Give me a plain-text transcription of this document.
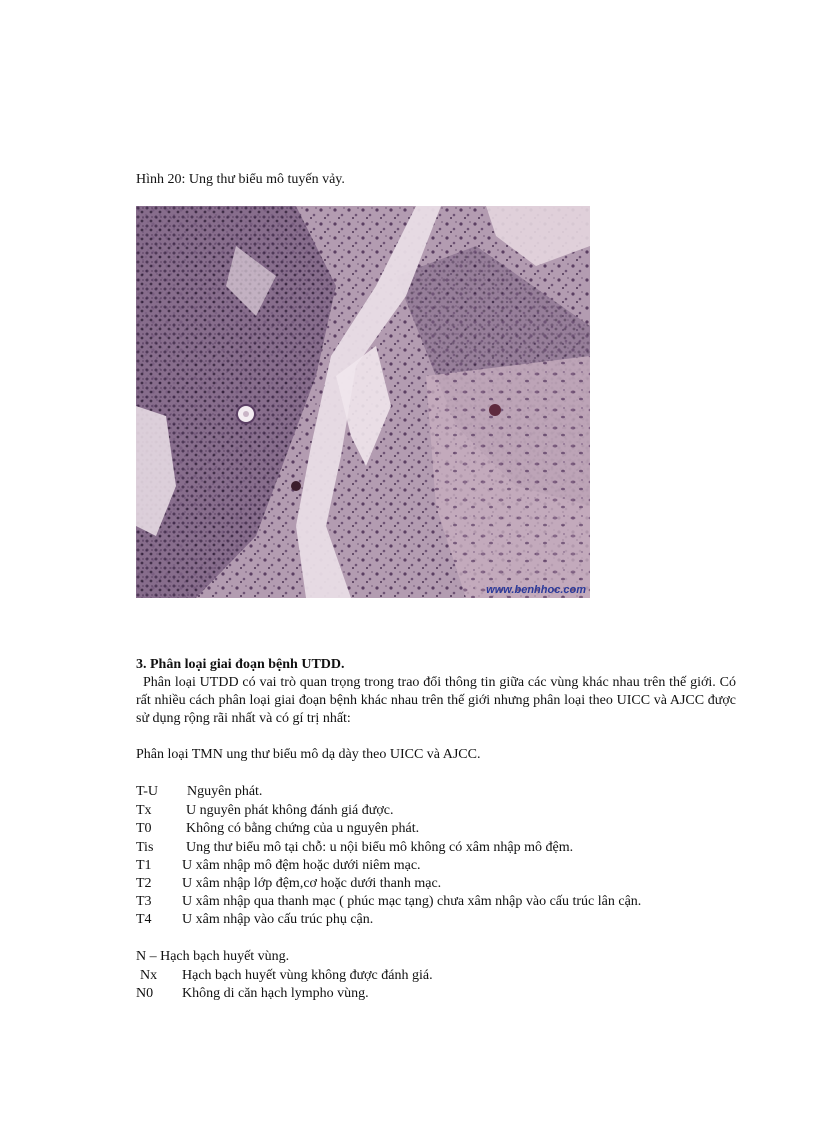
Hình 20: Ung thư biểu mô tuyến vảy.
www.benhhoc.com
3. Phân loại giai đoạn bệnh UTDD.
Phân loại UTDD có vai trò quan trọng trong trao đổi thông tin giữa các vùng khác nhau trên thế giới. Có rất nhiều cách phân loại giai đoạn bệnh khác nhau trên thế giới nhưng phân loại theo UICC và AJCC được sử dụng rộng rãi nhất và có gí trị nhất:
Phân loại TMN ung thư biểu mô dạ dày theo UICC và AJCC.
T-U Nguyên phát.
Tx U nguyên phát không đánh giá được.
T0 Không có bằng chứng của u nguyên phát.
Tis Ung thư biểu mô tại chỗ: u nội biểu mô không có xâm nhập mô đệm.
T1 U xâm nhập mô đệm hoặc dưới niêm mạc.
T2 U xâm nhập lớp đệm,cơ hoặc dưới thanh mạc.
T3 U xâm nhập qua thanh mạc ( phúc mạc tạng) chưa xâm nhập vào cấu trúc lân cận.
T4 U xâm nhập vào cấu trúc phụ cận.
N – Hạch bạch huyết vùng.
Nx Hạch bạch huyết vùng không được đánh giá.
N0 Không di căn hạch lympho vùng.
